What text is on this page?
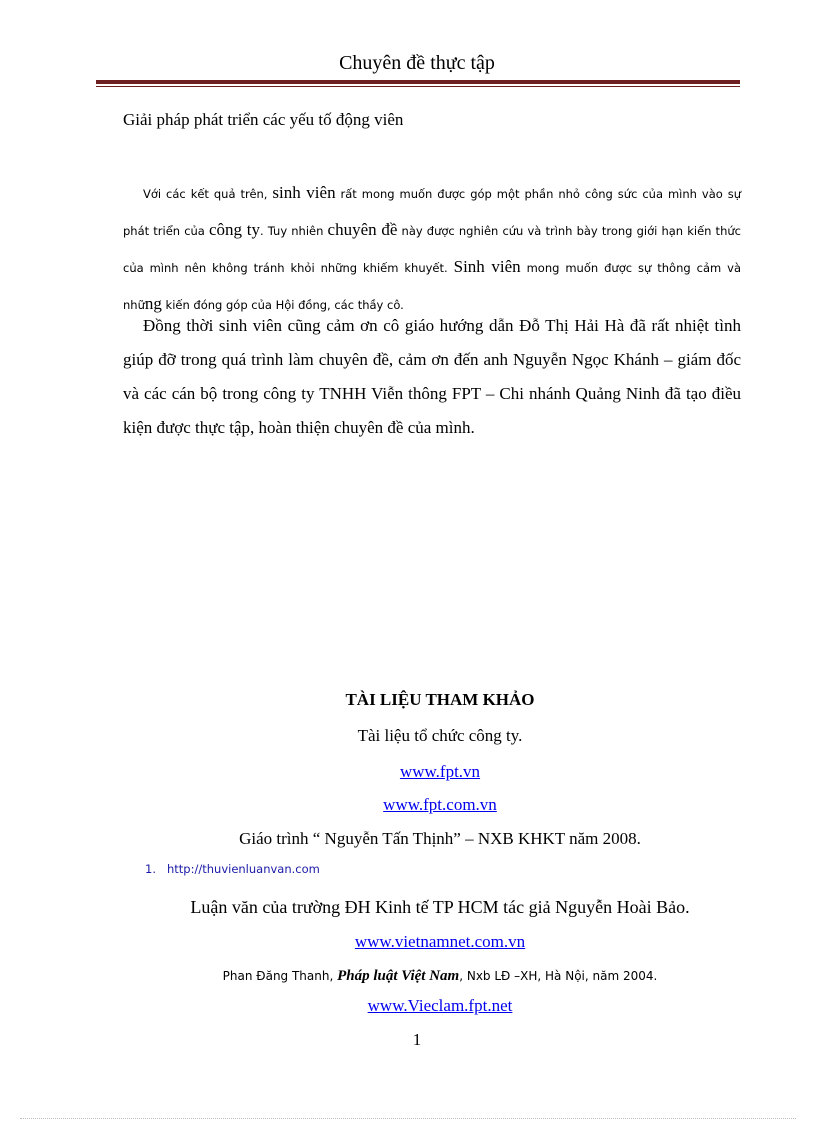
Chuyên đề thực tập
Giải pháp phát triển các yếu tố động viên
Với các kết quả trên, sinh viên rất mong muốn được góp một phần nhỏ công sức của mình vào sự phát triển của công ty. Tuy nhiên chuyên đề này được nghiên cứu và trình bày trong giới hạn kiến thức của mình nên không tránh khỏi những khiếm khuyết. Sinh viên mong muốn được sự thông cảm và những kiến đóng góp của Hội đồng, các thầy cô.
Đồng thời sinh viên cũng cảm ơn cô giáo hướng dẫn Đỗ Thị Hải Hà đã rất nhiệt tình giúp đỡ trong quá trình làm chuyên đề, cảm ơn đến anh Nguyễn Ngọc Khánh – giám đốc và các cán bộ trong công ty TNHH Viễn thông FPT – Chi nhánh Quảng Ninh đã tạo điều kiện được thực tập, hoàn thiện chuyên đề của mình.
TÀI LIỆU THAM KHẢO
Tài liệu tổ chức công ty.
www.fpt.vn
www.fpt.com.vn
Giáo trình “ Nguyễn Tấn Thịnh” – NXB KHKT năm 2008.
1. http://thuvienluanvan.com
Luận văn của trường ĐH Kinh tế TP HCM tác giả Nguyễn Hoài Bảo.
www.vietnamnet.com.vn
Phan Đăng Thanh, Pháp luật Việt Nam, Nxb LĐ –XH, Hà Nội, năm 2004.
www.Vieclam.fpt.net
1
